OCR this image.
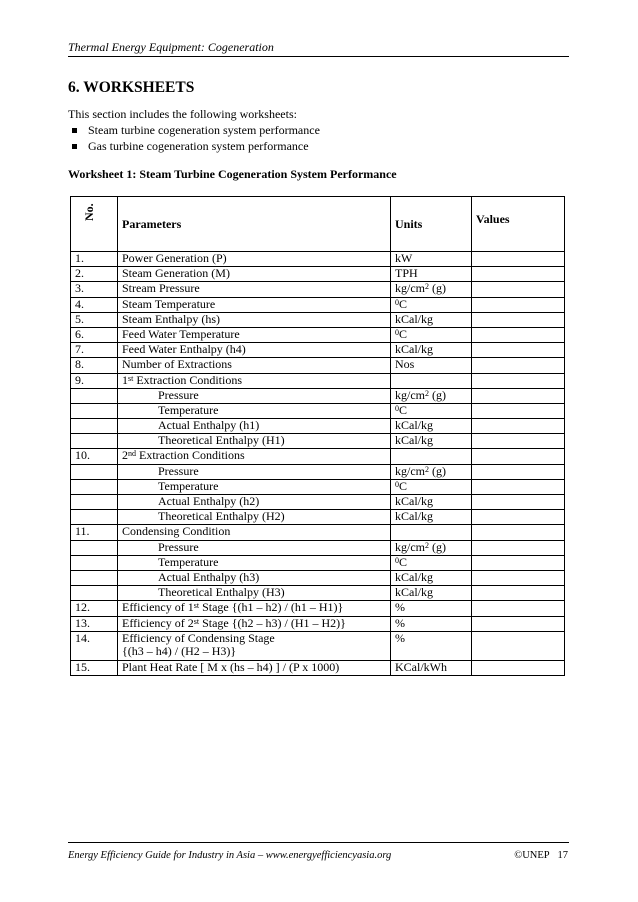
Thermal Energy Equipment: Cogeneration
6. WORKSHEETS
This section includes the following worksheets:
Steam turbine cogeneration system performance
Gas turbine cogeneration system performance
Worksheet 1: Steam Turbine Cogeneration System Performance
No.	Parameters	Units	Values
1.	Power Generation (P)	kW	
2.	Steam Generation (M)	TPH	
3.	Stream Pressure	$kg/cm^2$ (g)	
4.	Steam Temperature	$^0$C	
5.	Steam Enthalpy (hs)	kCal/kg	
6.	Feed Water Temperature	$^0$C	
7.	Feed Water Enthalpy (h4)	kCal/kg	
8.	Number of Extractions	Nos	
9.	1st Extraction Conditions		
	Pressure	$kg/cm^2$ (g)	
	Temperature	$^0$C	
	Actual Enthalpy (h1)	kCal/kg	
	Theoretical Enthalpy (H1)	kCal/kg	
10.	2nd Extraction Conditions		
	Pressure	$kg/cm^2$ (g)	
	Temperature	$^0$C	
	Actual Enthalpy (h2)	kCal/kg	
	Theoretical Enthalpy (H2)	kCal/kg	
11.	Condensing Condition		
	Pressure	$kg/cm^2$ (g)	
	Temperature	$^0$C	
	Actual Enthalpy (h3)	kCal/kg	
	Theoretical Enthalpy (H3)	kCal/kg	
12.	Efficiency of 1st Stage {(h1 – h2) / (h1 – H1)}	%	
13.	Efficiency of 2st Stage {(h2 – h3) / (H1 – H2)}	%	
14.	Efficiency of Condensing Stage
{(h3 – h4) / (H2 – H3)}	%	
15.	Plant Heat Rate [ M x (hs – h4) ] / (P x 1000)	KCal/kWh	
Energy Efficiency Guide for Industry in Asia – www.energyefficiencyasia.org	©UNEP 17
